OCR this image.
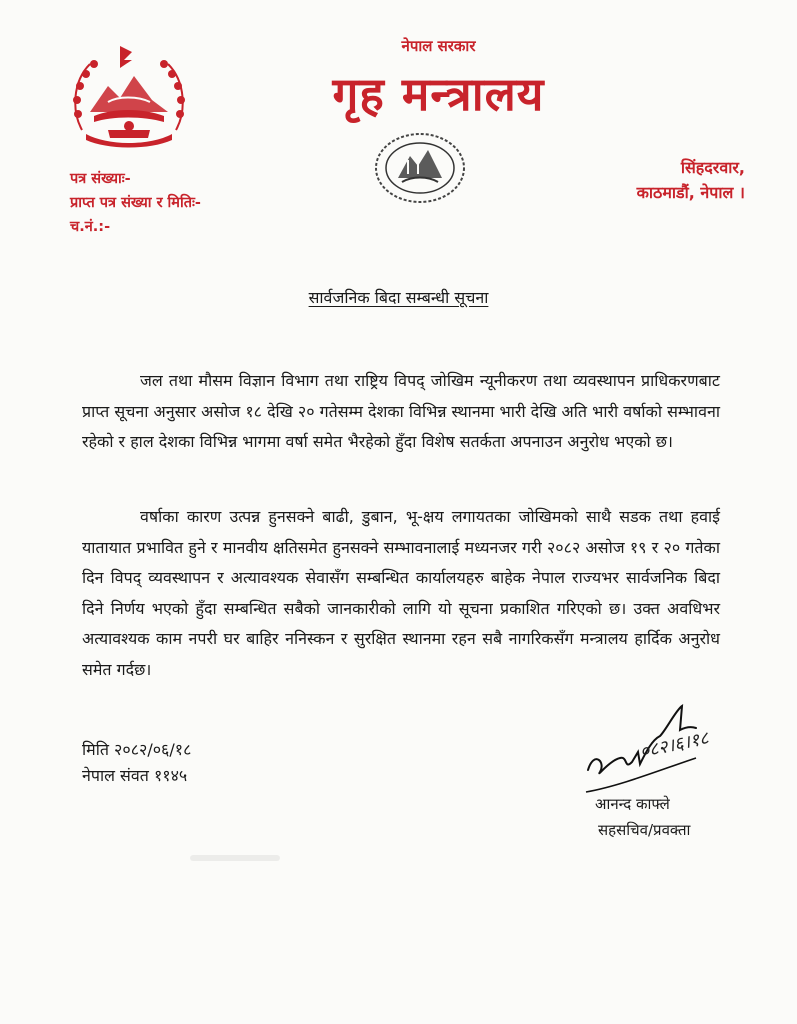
नेपाल सरकार
गृह मन्त्रालय
पत्र संख्याः-
प्राप्त पत्र संख्या र मितिः-
च.नं.:-
सिंहदरवार,
काठमाडौं, नेपाल ।
सार्वजनिक बिदा सम्बन्धी सूचना
जल तथा मौसम विज्ञान विभाग तथा राष्ट्रिय विपद् जोखिम न्यूनीकरण तथा व्यवस्थापन प्राधिकरणबाट प्राप्त सूचना अनुसार असोज १८ देखि २० गतेसम्म देशका विभिन्न स्थानमा भारी देखि अति भारी वर्षाको सम्भावना रहेको र हाल देशका विभिन्न भागमा वर्षा समेत भैरहेको हुँदा विशेष सतर्कता अपनाउन अनुरोध भएको छ।
वर्षाका कारण उत्पन्न हुनसक्ने बाढी, डुबान, भू-क्षय लगायतका जोखिमको साथै सडक तथा हवाई यातायात प्रभावित हुने र मानवीय क्षतिसमेत हुनसक्ने सम्भावनालाई मध्यनजर गरी २०८२ असोज १९ र २० गतेका दिन विपद् व्यवस्थापन र अत्यावश्यक सेवासँग सम्बन्धित कार्यालयहरु बाहेक नेपाल राज्यभर सार्वजनिक बिदा दिने निर्णय भएको हुँदा सम्बन्धित सबैको जानकारीको लागि यो सूचना प्रकाशित गरिएको छ। उक्त अवधिभर अत्यावश्यक काम नपरी घर बाहिर ननिस्कन र सुरक्षित स्थानमा रहन सबै नागरिकसँग मन्त्रालय हार्दिक अनुरोध समेत गर्दछ।
मिति २०८२/०६/१८
नेपाल संवत ११४५
०८२।६।१८
आनन्द काफ्ले
सहसचिव/प्रवक्ता
